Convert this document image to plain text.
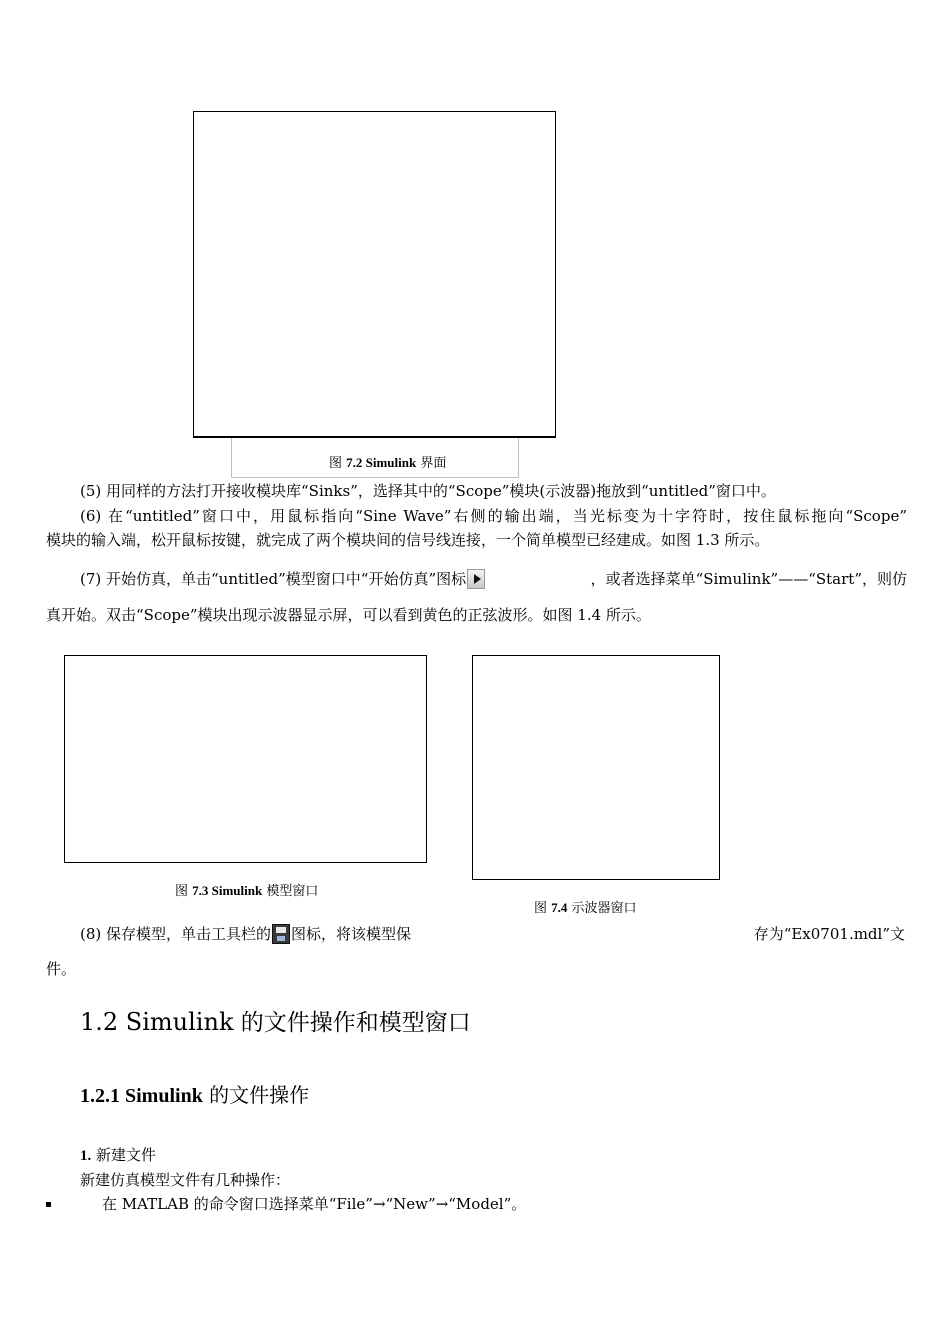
图 7.2 Simulink 界面
(5) 用同样的方法打开接收模块库“Sinks”，选择其中的“Scope”模块(示波器)拖放到“untitled”窗口中。
(6) 在“untitled”窗口中，用鼠标指向“Sine Wave”右侧的输出端，当光标变为十字符时，按住鼠标拖向“Scope”
模块的输入端，松开鼠标按键，就完成了两个模块间的信号线连接，一个简单模型已经建成。如图 1.3 所示。
(7) 开始仿真，单击“untitled”模型窗口中“开始仿真”图标	，或者选择菜单“Simulink”——“Start”，则仿
真开始。双击“Scope”模块出现示波器显示屏，可以看到黄色的正弦波形。如图 1.4 所示。
图 7.3 Simulink 模型窗口
图 7.4 示波器窗口
(8) 保存模型，单击工具栏的 图标，将该模型保	存为“Ex0701.mdl”文
件。
1.2 Simulink 的文件操作和模型窗口
1.2.1 Simulink 的文件操作
1. 新建文件
新建仿真模型文件有几种操作：
在 MATLAB 的命令窗口选择菜单“File”→“New”→“Model”。
